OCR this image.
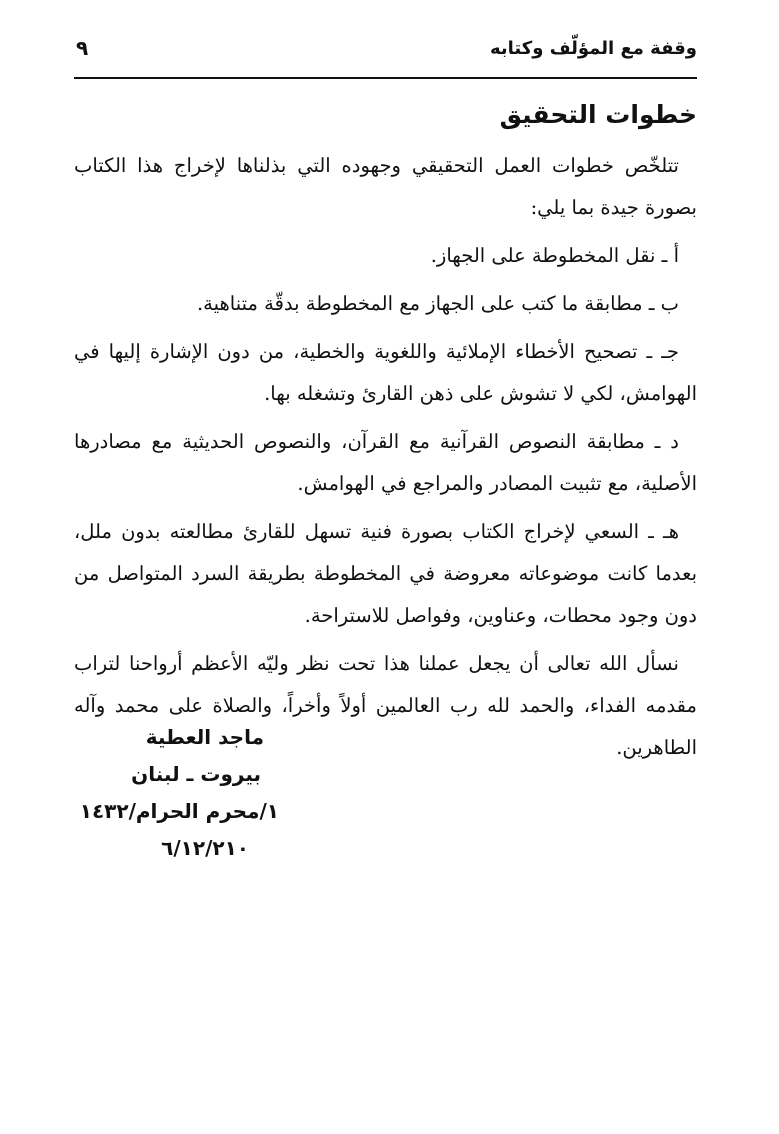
وقفة مع المؤلّف وكتابه
٩
خطوات التحقيق

تتلخّص خطوات العمل التحقيقي وجهوده التي بذلناها لإخراج هذا الكتاب بصورة جيدة بما يلي:

أ ـ نقل المخطوطة على الجهاز.

ب ـ مطابقة ما كتب على الجهاز مع المخطوطة بدقّة متناهية.

جـ ـ تصحيح الأخطاء الإملائية واللغوية والخطية، من دون الإشارة إليها في الهوامش، لكي لا تشوش على ذهن القارئ وتشغله بها.

د ـ مطابقة النصوص القرآنية مع القرآن، والنصوص الحديثية مع مصادرها الأصلية، مع تثبيت المصادر والمراجع في الهوامش.

هـ ـ السعي لإخراج الكتاب بصورة فنية تسهل للقارئ مطالعته بدون ملل، بعدما كانت موضوعاته معروضة في المخطوطة بطريقة السرد المتواصل من دون وجود محطات، وعناوين، وفواصل للاستراحة.

نسأل الله تعالى أن يجعل عملنا هذا تحت نظر وليّه الأعظم أرواحنا لتراب مقدمه الفداء، والحمد لله رب العالمين أولاً وأخراً، والصلاة على محمد وآله الطاهرين.

ماجد العطية
بيروت ـ لبنان
١/محرم الحرام/١٤٣٢
٦/١٢/٢١٠
